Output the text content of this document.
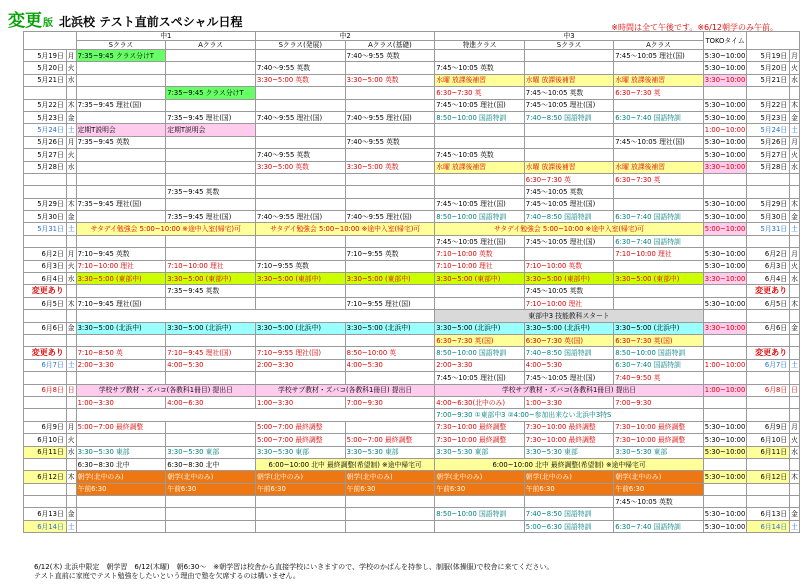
変更 版 北浜校 テスト直前スペシャル日程	※時間は全て午後です。※6/12朝学のみ午前。
		中1		中2		中3			TOKOタイム		
		Sクラス	Aクラス	Sクラス(発展)	Aクラス(基礎)	特進クラス	Sクラス	Aクラス			
5月19日	月	7:35~9:45 クラス分けT			7:40～9:55 英数			7:45～10:05 理社(国)	5:30~10:00	5月19日	月
5月20日	火			7:40～9:55 英数		7:45～10:05 英数			5:30~10:00	5月20日	火
5月21日	水			3:30~5:00 英数	3:30~5:00 英数	水曜 放課後補習	水曜 放課後補習	水曜 放課後補習	3:30~10:00	5月21日	水
			7:35~9:45 クラス分けT			6:30~7:30 英	7:45～10:05 英数	6:30~7:30 英			
5月22日	木	7:35~9:45 理社(国)				7:45～10:05 理社(国)	7:45～10:05 理社(国)		5:30~10:00	5月22日	木
5月23日	金		7:35~9:45 理社(国)	7:40～9:55 理社(国)	7:40～9:55 理社(国)	8:50~10:00 国語特訓	7:40~8:50 国語特訓	6:30~7:40 国語特訓	5:30~10:00	5月23日	金
5月24日	土	定期T説明会	定期T説明会						1:00~10:00	5月24日	土
5月26日	月	7:35~9:45 英数			7:40～9:55 英数			7:45～10:05 理社(国)	5:30~10:00	5月26日	月
5月27日	火			7:40～9:55 英数		7:45～10:05 英数			5:30~10:00	5月27日	火
5月28日	水			3:30~5:00 英数	3:30~5:00 英数	水曜 放課後補習	水曜 放課後補習	水曜 放課後補習	3:30~10:00	5月28日	水
							6:30~7:30 英	6:30~7:30 英			
			7:35~9:45 英数				7:45～10:05 英数				
5月29日	木	7:35~9:45 理社(国)				7:45～10:05 理社(国)	7:45～10:05 理社(国)		5:30~10:00	5月29日	木
5月30日	金		7:35~9:45 理社(国)	7:40～9:55 理社(国)	7:40～9:55 理社(国)	8:50~10:00 国語特訓	7:40~8:50 国語特訓	6:30~7:40 国語特訓	5:30~10:00	5月30日	金
5月31日	土	サタデイ勉強会 5:00~10:00 ※途中入室(帰宅)可		サタデイ勉強会 5:00~10:00 ※途中入室(帰宅)可		サタデイ勉強会 5:00~10:00 ※途中入室(帰宅)可			5:00~10:00	5月31日	土
						7:45～10:05 理社(国)	7:45～10:05 理社(国)	6:30~7:40 国語特訓			
6月2日	月	7:10~9:45 英数			7:10~9:55 英数	7:10~10:00 英数		7:10~10:00 理社	5:30~10:00	6月2日	月
6月3日	火	7:10~10:00 理社	7:10~10:00 理社	7:10~9:55 英数		7:10~10:00 理社	7:10~10:00 英数		5:30~10:00	6月3日	火
6月4日	水	3:30~5:00 (東部中)	3:30~5:00 (東部中)	3:30~5:00 (東部中)	3:30~5:00 (東部中)	3:30~5:00 (東部中)	3:30~5:00 (東部中)	3:30~5:00 (東部中)	3:30~10:00	6月4日	水
変更あり			7:35~9:45 英数				7:45～10:05 英数			変更あり	
6月5日	木	7:10~9:45 理社(国)			7:10~9:55 理社(国)		7:10~10:00 理社		5:30~10:00	6月5日	木
						東部中3 技能教科スタート					
6月6日	金	3:30~5:00 (北浜中)	3:30~5:00 (北浜中)	3:30~5:00 (北浜中)	3:30~5:00 (北浜中)	3:30~5:00 (北浜中)	3:30~5:00 (北浜中)	3:30~5:00 (北浜中)	3:30~10:00	6月6日	金
						6:30~7:30 英(国)	6:30~7:30 英(国)	6:30~7:30 英(国)			
変更あり		7:10~8:50 英	7:10~9:45 理社(国)	7:10~9:55 理社(国)	8:50~10:00 英	8:50~10:00 国語特訓	7:40~8:50 国語特訓	8:50~10:00 国語特訓		変更あり	
6月7日	土	2:00~3:30	4:00~5:30	2:00~3:30	4:00~5:30	2:00~3:30	4:00~5:30	6:30~7:40 国語特訓	1:00~10:00	6月7日	土
						7:45～10:05 理社(国)	7:45～10:05 理社(国)	7:40~9:50 英			
6月8日	日	学校サブ教材・ズバコ(各教科1冊目) 提出日		学校サブ教材・ズバコ(各教科1冊目) 提出日		学校サブ教材・ズバコ(各教科1冊目) 提出日			1:00~10:00	6月8日	日
		1:00~3:30	4:00~6:30	1:00~3:30	7:00~9:30	4:00~6:30(北中のみ)	1:00~3:30	7:00~9:30			
						7:00~9:30 ①東部中3 ②4:00~参加出来ない北浜中3特S					
6月9日	月	5:00~7:00 最終調整		5:00~7:00 最終調整		7:30~10:00 最終調整	7:30~10:00 最終調整	7:30~10:00 最終調整	5:30~10:00	6月9日	月
6月10日	火			5:00~7:00 最終調整	5:00~7:00 最終調整	7:30~10:00 最終調整	7:30~10:00 最終調整	7:30~10:00 最終調整	5:30~10:00	6月10日	火
6月11日	水	3:30~5:30 東部	3:30~5:30 東部	3:30~5:30 東部	3:30~5:30 東部	3:30~5:30 東部	3:30~5:30 東部	3:30~5:30 東部	5:30~10:00	6月11日	水
		6:30~8:30 北中	6:30~8:30 北中	6:00~10:00 北中 最終調整(希望制) ※途中帰宅可		6:00~10:00 北中 最終調整(希望制) ※途中帰宅可					
6月12日	木	朝学(北中のみ)	朝学(北中のみ)	朝学(北中のみ)	朝学(北中のみ)	朝学(北中のみ)	朝学(北中のみ)	朝学(北中のみ)	5:30~10:00	6月12日	木
		午前6:30	午前6:30	午前6:30	午前6:30	午前6:30	午前6:30	午前6:30			
								7:45～10:05 英数			
6月13日	金					8:50~10:00 国語特訓	7:40~8:50 国語特訓		5:30~10:00	6月13日	金
6月14日	土						5:00~6:30 国語特訓	6:30~7:40 国語特訓	5:30~10:00	6月14日	土
6/12(木) 北浜中限定　朝学習　6/12(木曜)　朝6:30～　※朝学習は校舎から直接学校にいきますので、学校のかばんを持参し、制服(体操服)で校舎に来てください。
テスト直前に家庭でテスト勉強をしたいという理由で塾を欠席するのは構いません。
